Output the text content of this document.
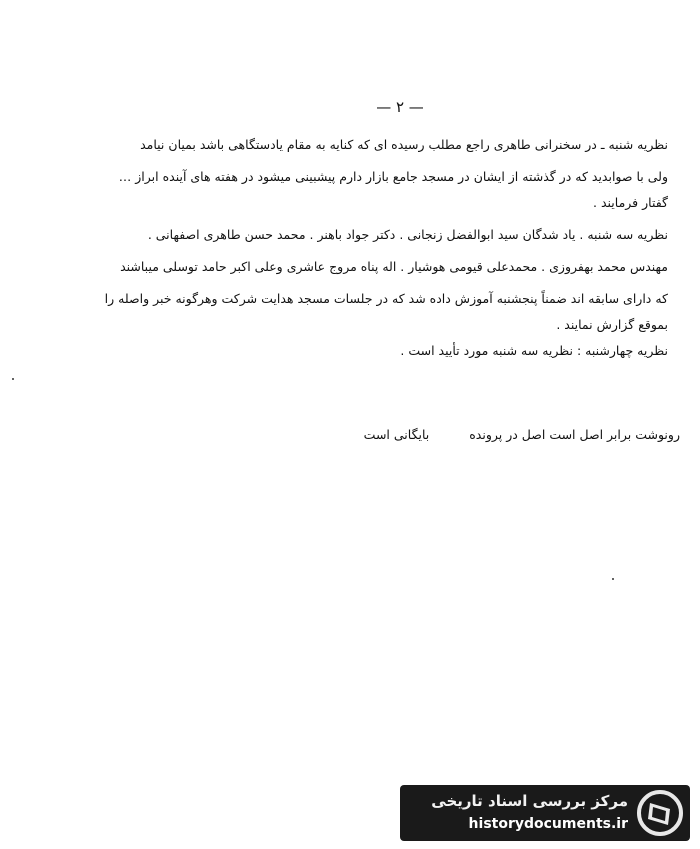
— ۲ —
نظریه شنبه ـ در سخنرانی طاهری راجع مطلب رسیده ای که کنایه به مقام یادستگاهی باشد بمیان نیامد
ولی با صوابدید که در گذشته از ایشان در مسجد جامع بازار دارم پیشبینی میشود در هفته های آینده ابراز …
گفتار فرمایند .
نظریه سه شنبه . یاد شدگان سید ابوالفضل زنجانی . دکتر جواد باهنر . محمد حسن طاهری اصفهانی .
مهندس محمد بهفروزی . محمدعلی قیومی هوشیار . اله پناه مروج عاشری وعلی اکبر حامد توسلی میباشند
که دارای سابقه اند ضمناً پنجشنبه آموزش داده شد که در جلسات مسجد هدایت شرکت وهرگونه خبر واصله را
بموقع گزارش نمایند .
نظریه چهارشنبه : نظریه سه شنبه مورد تأیید است .
رونوشت برابر اصل است اصل در پرونده بایگانی است
مرکز بررسی اسناد تاریخی
historydocuments.ir
